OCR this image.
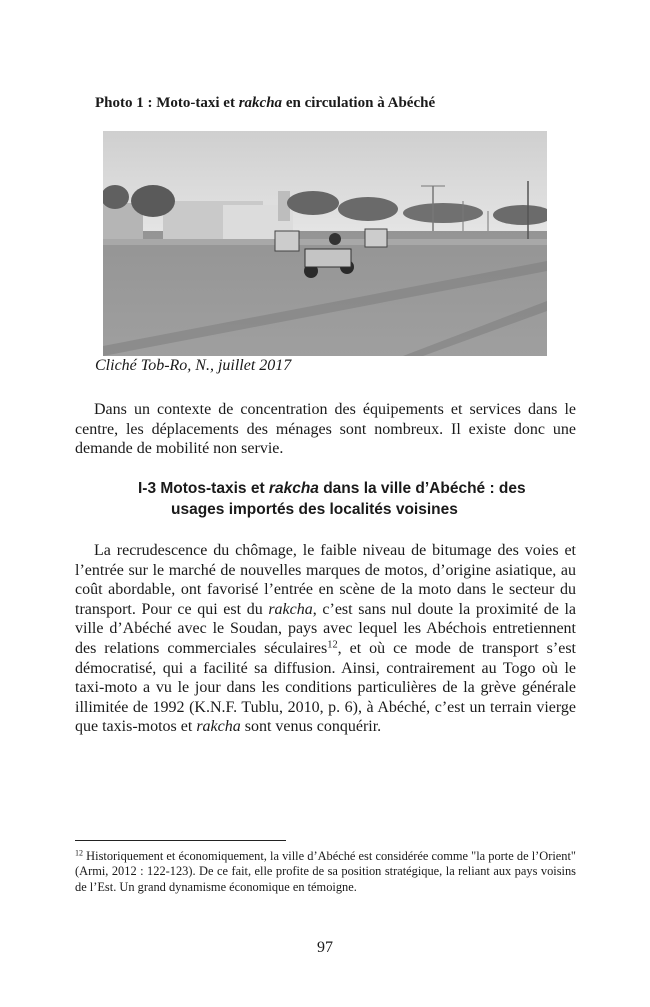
Photo 1 : Moto-taxi et rakcha en circulation à Abéché
Cliché Tob-Ro, N., juillet 2017

Dans un contexte de concentration des équipements et services dans le centre, les déplacements des ménages sont nombreux. Il existe donc une demande de mobilité non servie.

I-3 Motos-taxis et rakcha dans la ville d’Abéché : des
usages importés des localités voisines

La recrudescence du chômage, le faible niveau de bitumage des voies et l’entrée sur le marché de nouvelles marques de motos, d’origine asiatique, au coût abordable, ont favorisé l’entrée en scène de la moto dans le secteur du transport. Pour ce qui est du rakcha, c’est sans nul doute la proximité de la ville d’Abéché avec le Soudan, pays avec lequel les Abéchois entretiennent des relations commerciales séculaires$^{12}$, et où ce mode de transport s’est démocratisé, qui a facilité sa diffusion. Ainsi, contrairement au Togo où le taxi-moto a vu le jour dans les conditions particulières de la grève générale illimitée de 1992 (K.N.F. Tublu, 2010, p. 6), à Abéché, c’est un terrain vierge que taxis-motos et rakcha sont venus conquérir.

$^{12}$ Historiquement et économiquement, la ville d’Abéché est considérée comme "la porte de l’Orient" (Armi, 2012 : 122-123). De ce fait, elle profite de sa position stratégique, la reliant aux pays voisins de l’Est. Un grand dynamisme économique en témoigne.
97
